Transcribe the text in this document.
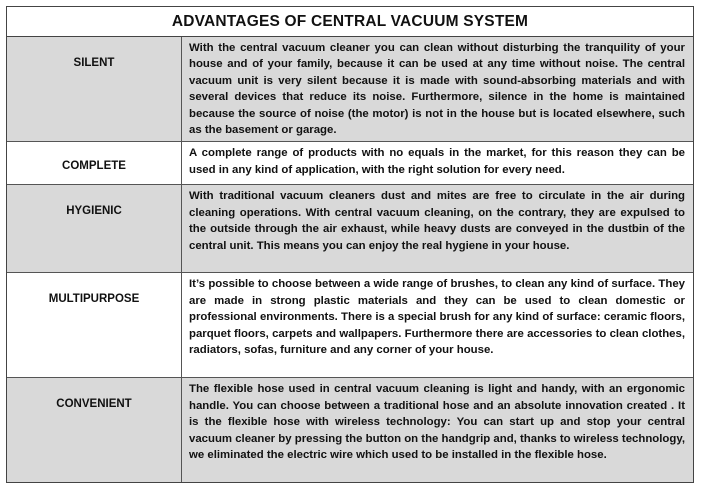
ADVANTAGES OF CENTRAL VACUUM SYSTEM
SILENT	With the central vacuum cleaner you can clean without disturbing the tranquility of your house and of your family, because it can be used at any time without noise. The central vacuum unit is very silent because it is made with sound-absorbing materials and with several devices that reduce its noise. Furthermore, silence in the home is maintained because the source of noise (the motor) is not in the house but is located elsewhere, such as the basement or garage.
COMPLETE	A complete range of products with no equals in the market, for this reason they can be used in any kind of application, with the right solution for every need.
HYGIENIC	With traditional vacuum cleaners dust and mites are free to circulate in the air during cleaning operations. With central vacuum cleaning, on the contrary, they are expulsed to the outside through the air exhaust, while heavy dusts are conveyed in the dustbin of the central unit. This means you can enjoy the real hygiene in your house.
MULTIPURPOSE	It’s possible to choose between a wide range of brushes, to clean any kind of surface. They are made in strong plastic materials and they can be used to clean domestic or professional environments. There is a special brush for any kind of surface: ceramic floors, parquet floors, carpets and wallpapers. Furthermore there are accessories to clean clothes, radiators, sofas, furniture and any corner of your house.
CONVENIENT	The flexible hose used in central vacuum cleaning is light and handy, with an ergonomic handle. You can choose between a traditional hose and an absolute innovation created . It is the flexible hose with wireless technology: You can start up and stop your central vacuum cleaner by pressing the button on the handgrip and, thanks to wireless technology, we eliminated the electric wire which used to be installed in the flexible hose.
